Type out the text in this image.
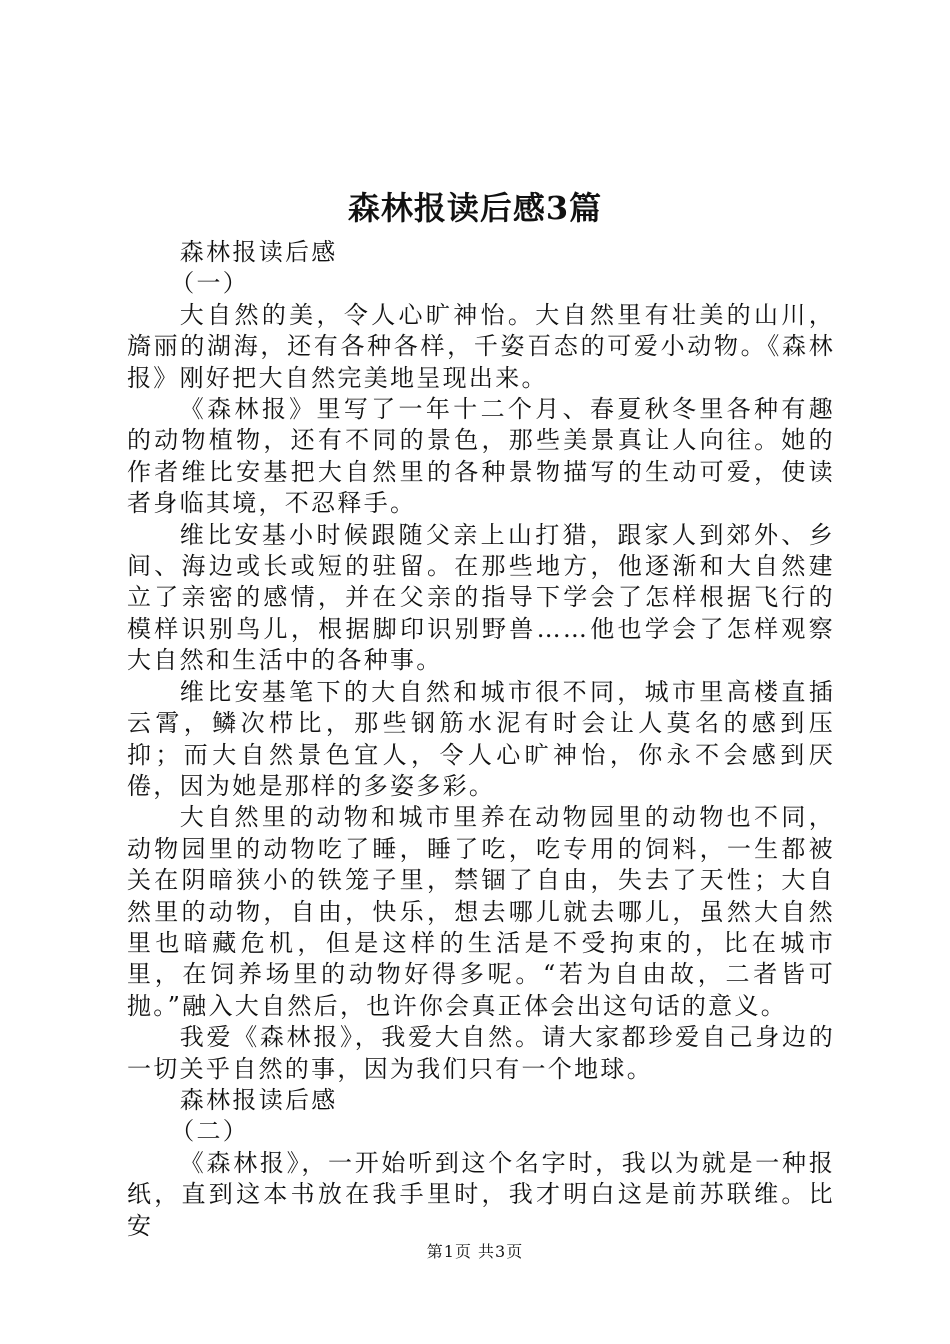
森林报读后感3篇

森林报读后感

（一）

大自然的美，令人心旷神怡。大自然里有壮美的山川，旖丽的湖海，还有各种各样，千姿百态的可爱小动物。《森林报》刚好把大自然完美地呈现出来。

《森林报》里写了一年十二个月、春夏秋冬里各种有趣的动物植物，还有不同的景色，那些美景真让人向往。她的作者维比安基把大自然里的各种景物描写的生动可爱，使读者身临其境，不忍释手。

维比安基小时候跟随父亲上山打猎，跟家人到郊外、乡间、海边或长或短的驻留。在那些地方，他逐渐和大自然建立了亲密的感情，并在父亲的指导下学会了怎样根据飞行的模样识别鸟儿，根据脚印识别野兽……他也学会了怎样观察大自然和生活中的各种事。

维比安基笔下的大自然和城市很不同，城市里高楼直插云霄，鳞次栉比，那些钢筋水泥有时会让人莫名的感到压抑；而大自然景色宜人，令人心旷神怡，你永不会感到厌倦，因为她是那样的多姿多彩。

大自然里的动物和城市里养在动物园里的动物也不同，动物园里的动物吃了睡，睡了吃，吃专用的饲料，一生都被关在阴暗狭小的铁笼子里，禁锢了自由，失去了天性；大自然里的动物，自由，快乐，想去哪儿就去哪儿，虽然大自然里也暗藏危机，但是这样的生活是不受拘束的，比在城市里，在饲养场里的动物好得多呢。“若为自由故，二者皆可抛。”融入大自然后，也许你会真正体会出这句话的意义。

我爱《森林报》，我爱大自然。请大家都珍爱自己身边的一切关乎自然的事，因为我们只有一个地球。

森林报读后感

（二）

《森林报》，一开始听到这个名字时，我以为就是一种报纸，直到这本书放在我手里时，我才明白这是前苏联维。比安

第1页 共3页
